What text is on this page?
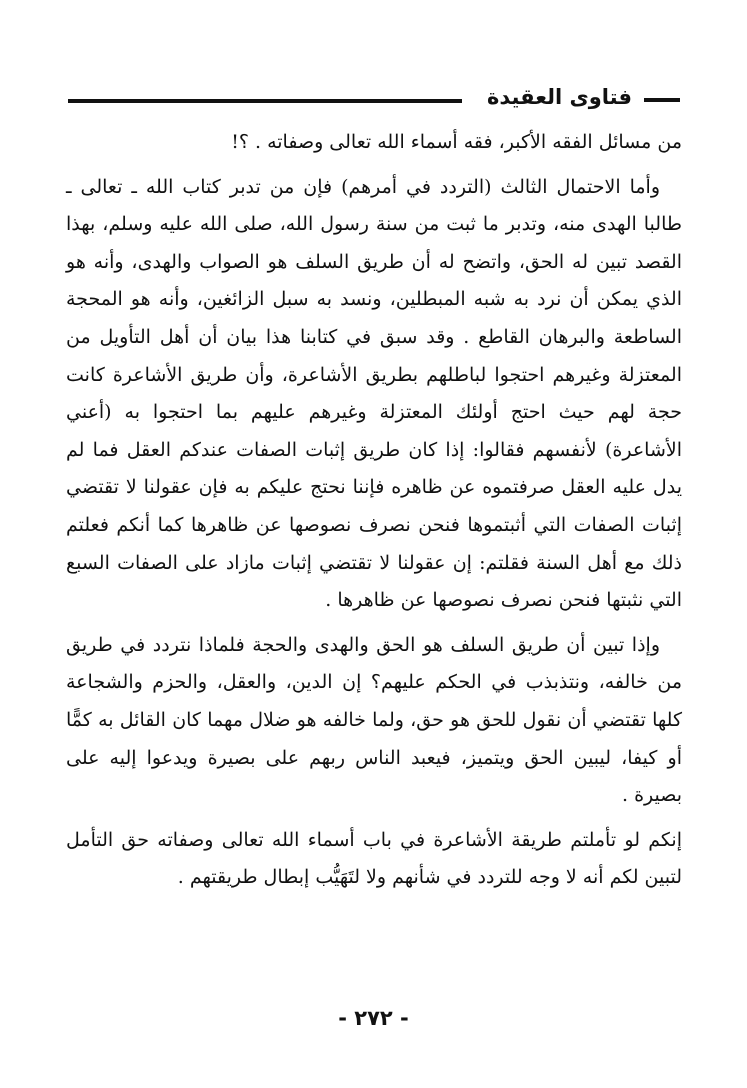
فتاوى العقيدة

من مسائل الفقه الأكبر، فقه أسماء الله تعالى وصفاته . ؟!

وأما الاحتمال الثالث (التردد في أمرهم) فإن من تدبر كتاب الله ـ تعالى ـ طالبا الهدى منه، وتدبر ما ثبت من سنة رسول الله، صلى الله عليه وسلم، بهذا القصد تبين له الحق، واتضح له أن طريق السلف هو الصواب والهدى، وأنه هو الذي يمكن أن نرد به شبه المبطلين، ونسد به سبل الزائغين، وأنه هو المحجة الساطعة والبرهان القاطع . وقد سبق في كتابنا هذا بيان أن أهل التأويل من المعتزلة وغيرهم احتجوا لباطلهم بطريق الأشاعرة، وأن طريق الأشاعرة كانت حجة لهم حيث احتج أولئك المعتزلة وغيرهم عليهم بما احتجوا به (أعني الأشاعرة) لأنفسهم فقالوا: إذا كان طريق إثبات الصفات عندكم العقل فما لم يدل عليه العقل صرفتموه عن ظاهره فإننا نحتج عليكم به فإن عقولنا لا تقتضي إثبات الصفات التي أثبتموها فنحن نصرف نصوصها عن ظاهرها كما أنكم فعلتم ذلك مع أهل السنة فقلتم: إن عقولنا لا تقتضي إثبات مازاد على الصفات السبع التي نثبتها فنحن نصرف نصوصها عن ظاهرها .

وإذا تبين أن طريق السلف هو الحق والهدى والحجة فلماذا نتردد في طريق من خالفه، ونتذبذب في الحكم عليهم؟ إن الدين، والعقل، والحزم والشجاعة كلها تقتضي أن نقول للحق هو حق، ولما خالفه هو ضلال مهما كان القائل به كمًّا أو كيفا، ليبين الحق ويتميز، فيعبد الناس ربهم على بصيرة ويدعوا إليه على بصيرة .

إنكم لو تأملتم طريقة الأشاعرة في باب أسماء الله تعالى وصفاته حق التأمل لتبين لكم أنه لا وجه للتردد في شأنهم ولا لتَهَيُّب إبطال طريقتهم .

- ٢٧٢ -
